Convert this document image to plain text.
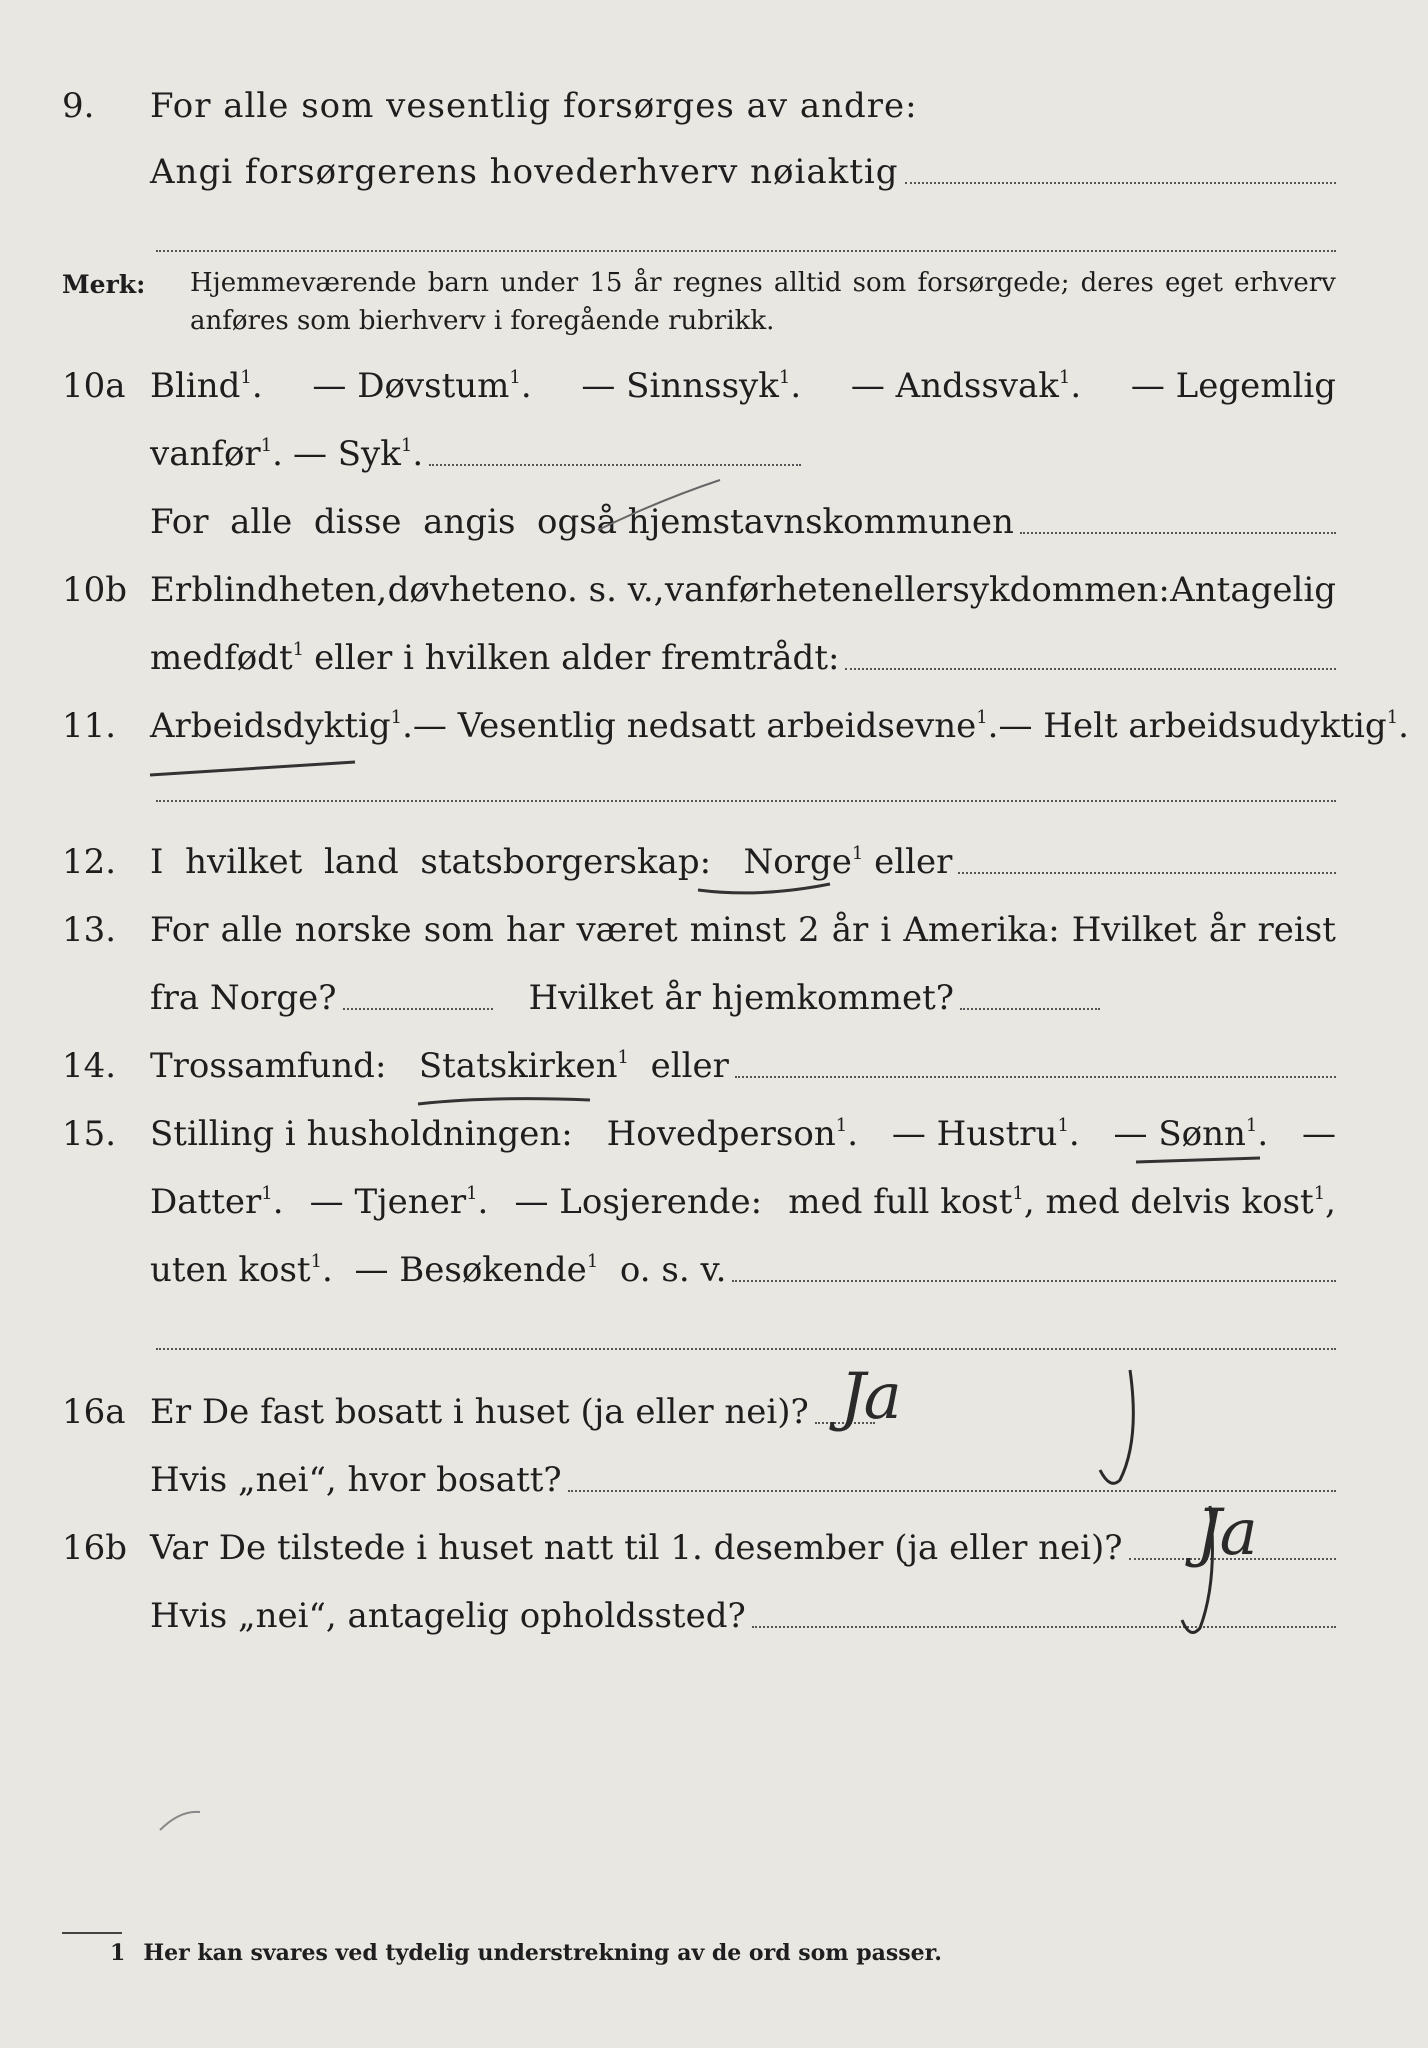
9. For alle som vesentlig forsørges av andre:
Angi forsørgerens hovederhverv nøiaktig
Merk: Hjemmeværende barn under 15 år regnes alltid som forsørgede; deres eget erhverv
anføres som bierhverv i foregående rubrikk.
10a Blind$^1$. — Døvstum$^1$. — Sinnssyk$^1$. — Andssvak$^1$. — Legemlig
vanfør$^1$. — Syk$^1$.
For
alle
disse
angis
også
hjemstavnskommunen
10b Er blindheten, døvheten o. s. v., vanførheten eller sykdommen: Antagelig
medfødt$^1$ eller i hvilken alder fremtrådt:
11. Arbeidsdyktig$^1$. — Vesentlig nedsatt arbeidsevne$^1$. — Helt arbeidsudyktig$^1$.
12. I
hvilket
land
statsborgerskap:
Norge$^1$
eller
13. For alle norske som har været minst 2 år i Amerika: Hvilket år reist
fra Norge?	Hvilket år hjemkommet?
14. Trossamfund:
Statskirken$^1$
eller
15. Stilling i husholdningen: Hovedperson$^1$. — Hustru$^1$. — Sønn$^1$. —
Datter$^1$. — Tjener$^1$. — Losjerende: med full kost$^1$, med delvis kost$^1$,
uten kost$^1$.
— Besøkende$^1$
o. s. v.
16a Er De fast bosatt i huset (ja eller nei)? Ja
Hvis „nei“, hvor bosatt?
16b Var De tilstede i huset natt til 1. desember (ja eller nei)? Ja
Hvis „nei“, antagelig opholdssted?
1 Her kan svares ved tydelig understrekning av de ord som passer.
